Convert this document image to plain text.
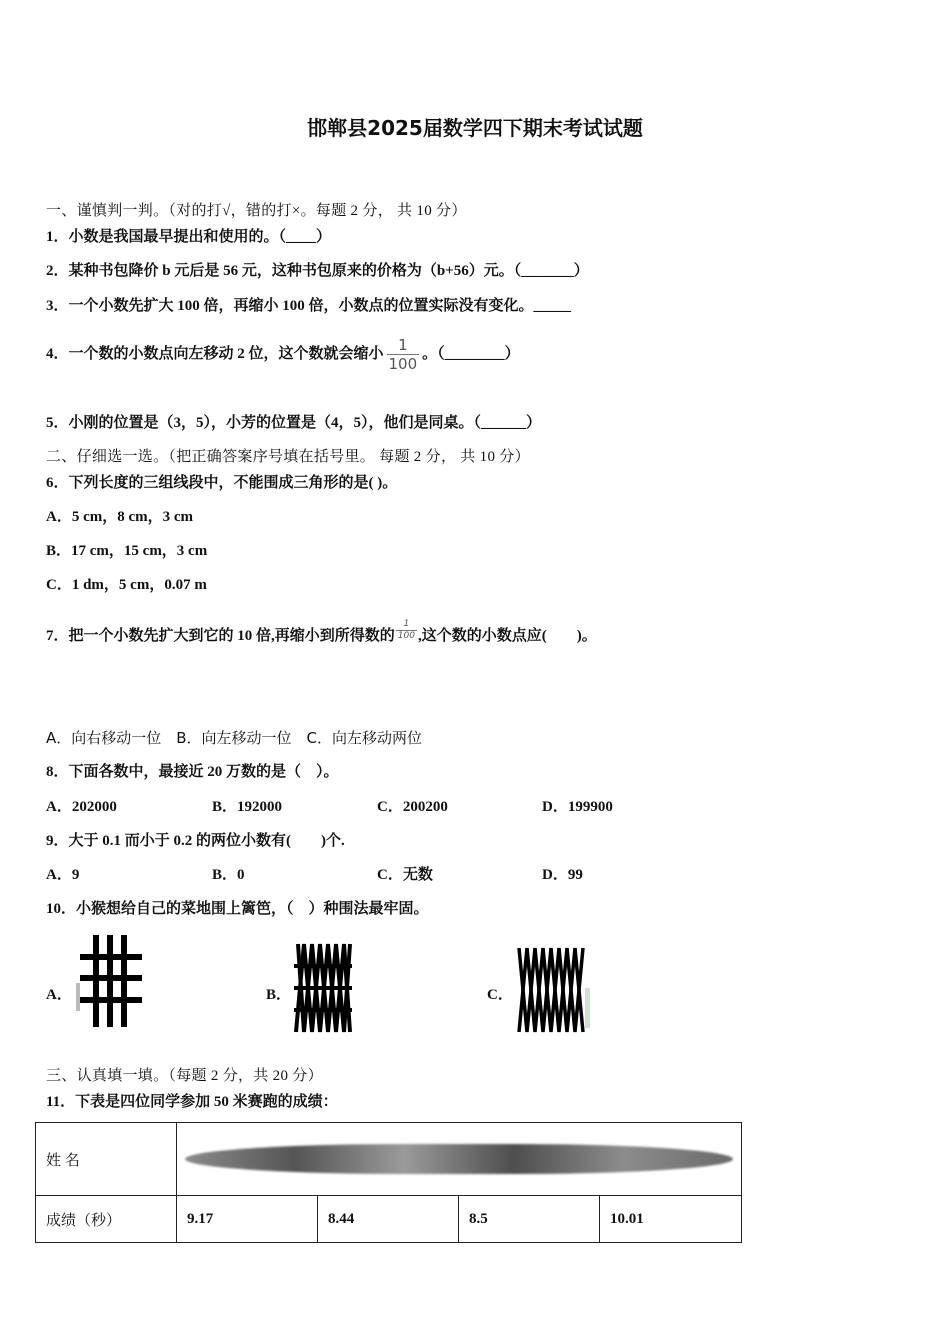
邯郸县2025届数学四下期末考试试题
一、谨慎判一判。（对的打√，错的打×。每题 2 分， 共 10 分）
1．小数是我国最早提出和使用的。（____）
2．某种书包降价 b 元后是 56 元，这种书包原来的价格为（b+56）元。（_______）
3．一个小数先扩大 100 倍，再缩小 100 倍，小数点的位置实际没有变化。_____
4．一个数的小数点向左移动 2 位，这个数就会缩小 $\frac{1}{100}$ 。（________）
5．小刚的位置是（3，5），小芳的位置是（4，5），他们是同桌。（______）
二、仔细选一选。（把正确答案序号填在括号里。 每题 2 分， 共 10 分）
6．下列长度的三组线段中，不能围成三角形的是( )。
A．5 cm，8 cm，3 cm
B．17 cm，15 cm，3 cm
C．1 dm，5 cm，0.07 m
7．把一个小数先扩大到它的 10 倍,再缩小到所得数的 $\frac{1}{100}$ ,这个数的小数点应(　　)。
A．向右移动一位　B．向左移动一位　C．向左移动两位
8．下面各数中，最接近 20 万数的是（　）。
A．202000	B．192000	C．200200	D．199900
9．大于 0.1 而小于 0.2 的两位小数有(　　)个.
A．9	B．0	C．无数	D．99
10．小猴想给自己的菜地围上篱笆，（　）种围法最牢固。
A．	B．	C．
三、认真填一填。（每题 2 分，共 20 分）
11．下表是四位同学参加 50 米赛跑的成绩：
姓 名				

成绩（秒）	9.17	8.44	8.5	10.01
